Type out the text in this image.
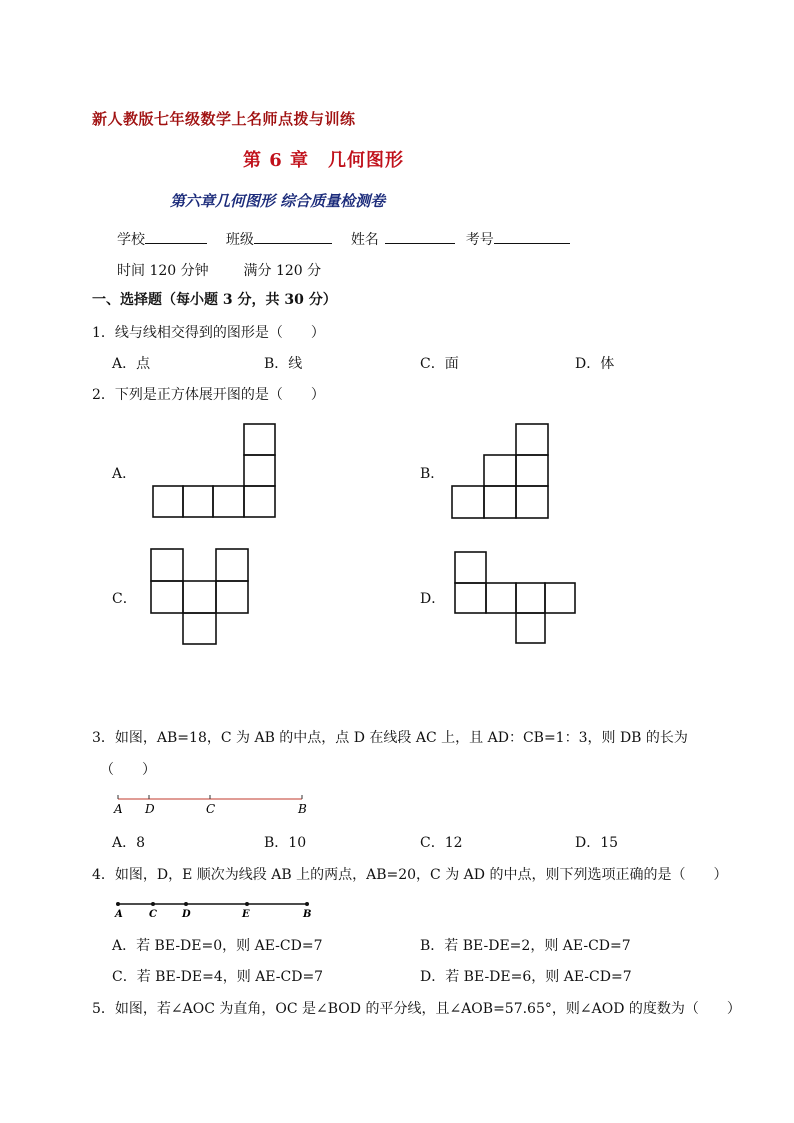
新人教版七年级数学上名师点拨与训练
第 6 章　几何图形
第六章几何图形 综合质量检测卷
学校	班级	姓名	考号
时间 120 分钟 满分 120 分
一、选择题（每小题 3 分，共 30 分）
1．线与线相交得到的图形是（　　）
A．点	B．线	C．面	D．体
2．下列是正方体展开图的是（　　）
A．	B．
C．	D．
3．如图，AB=18，C 为 AB 的中点，点 D 在线段 AC 上，且 AD：CB=1：3，则 DB 的长为
（　　）
A D	C	B
A．8	B．10	C．12	D．15
4．如图，D，E 顺次为线段 AB 上的两点，AB=20，C 为 AD 的中点，则下列选项正确的是（　　）
A	C	D	E	B
A．若 BE-DE=0，则 AE-CD=7	B．若 BE-DE=2，则 AE-CD=7
C．若 BE-DE=4，则 AE-CD=7	D．若 BE-DE=6，则 AE-CD=7
5．如图，若∠AOC 为直角，OC 是∠BOD 的平分线，且∠AOB=57.65°，则∠AOD 的度数为（　　）
